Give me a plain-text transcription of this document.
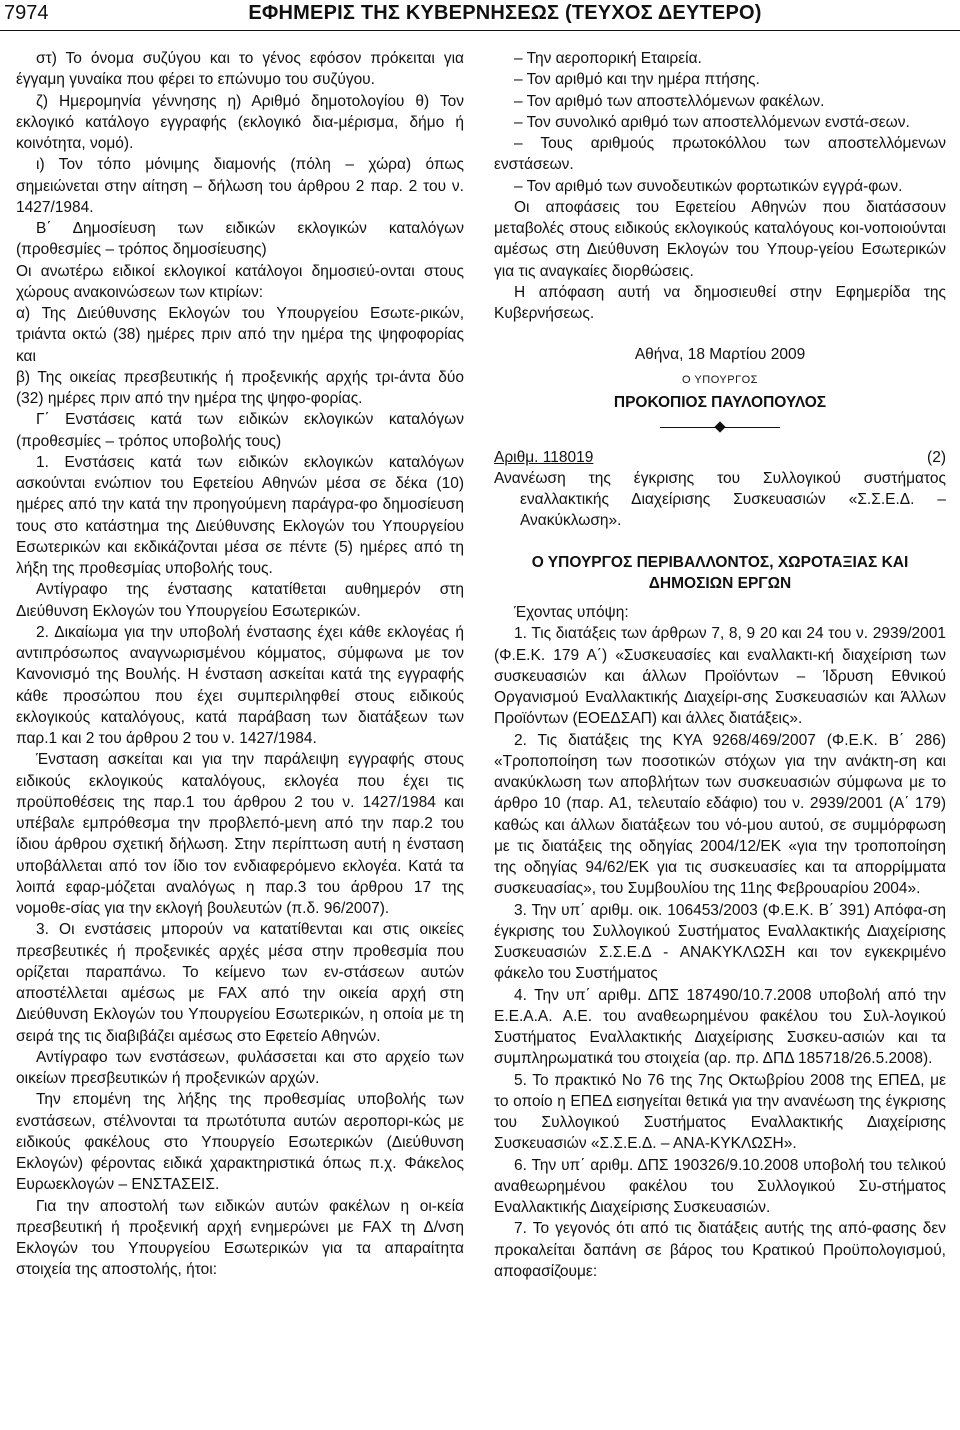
7974	ΕΦΗΜΕΡΙΣ ΤΗΣ ΚΥΒΕΡΝΗΣΕΩΣ (ΤΕΥΧΟΣ ΔΕΥΤΕΡΟ)

στ) Το όνομα συζύγου και το γένος εφόσον πρόκειται για έγγαμη γυναίκα που φέρει το επώνυμο του συζύγου.

ζ) Ημερομηνία γέννησης η) Αριθμό δημοτολογίου θ) Τον εκλογικό κατάλογο εγγραφής (εκλογικό δια-μέρισμα, δήμο ή κοινότητα, νομό).

ι) Τον τόπο μόνιμης διαμονής (πόλη – χώρα) όπως σημειώνεται στην αίτηση – δήλωση του άρθρου 2 παρ. 2 του ν. 1427/1984.

Β΄ Δημοσίευση των ειδικών εκλογικών καταλόγων (προθεσμίες – τρόπος δημοσίευσης)

Οι ανωτέρω ειδικοί εκλογικοί κατάλογοι δημοσιεύ-ονται στους χώρους ανακοινώσεων των κτιρίων:

α) Της Διεύθυνσης Εκλογών του Υπουργείου Εσωτε-ρικών, τριάντα οκτώ (38) ημέρες πριν από την ημέρα της ψηφοφορίας και

β) Της οικείας πρεσβευτικής ή προξενικής αρχής τρι-άντα δύο (32) ημέρες πριν από την ημέρα της ψηφο-φορίας.

Γ΄ Ενστάσεις κατά των ειδικών εκλογικών καταλόγων (προθεσμίες – τρόπος υποβολής τους)

1. Ενστάσεις κατά των ειδικών εκλογικών καταλόγων ασκούνται ενώπιον του Εφετείου Αθηνών μέσα σε δέκα (10) ημέρες από την κατά την προηγούμενη παράγρα-φο δημοσίευση τους στο κατάστημα της Διεύθυνσης Εκλογών του Υπουργείου Εσωτερικών και εκδικάζονται μέσα σε πέντε (5) ημέρες από τη λήξη της προθεσμίας υποβολής τους.

Αντίγραφο της ένστασης κατατίθεται αυθημερόν στη Διεύθυνση Εκλογών του Υπουργείου Εσωτερικών.

2. Δικαίωμα για την υποβολή ένστασης έχει κάθε εκλογέας ή αντιπρόσωπος αναγνωρισμένου κόμματος, σύμφωνα με τον Κανονισμό της Βουλής. Η ένσταση ασκείται κατά της εγγραφής κάθε προσώπου που έχει συμπεριληφθεί στους ειδικούς εκλογικούς καταλόγους, κατά παράβαση των διατάξεων των παρ.1 και 2 του άρθρου 2 του ν. 1427/1984.

Ένσταση ασκείται και για την παράλειψη εγγραφής στους ειδικούς εκλογικούς καταλόγους, εκλογέα που έχει τις προϋποθέσεις της παρ.1 του άρθρου 2 του ν. 1427/1984 και υπέβαλε εμπρόθεσμα την προβλεπό-μενη από την παρ.2 του ίδιου άρθρου σχετική δήλωση. Στην περίπτωση αυτή η ένσταση υποβάλλεται από τον ίδιο τον ενδιαφερόμενο εκλογέα. Κατά τα λοιπά εφαρ-μόζεται αναλόγως η παρ.3 του άρθρου 17 της νομοθε-σίας για την εκλογή βουλευτών (π.δ. 96/2007).

3. Οι ενστάσεις μπορούν να κατατίθενται και στις οικείες πρεσβευτικές ή προξενικές αρχές μέσα στην προθεσμία που ορίζεται παραπάνω. Το κείμενο των εν-στάσεων αυτών αποστέλλεται αμέσως με FAX από την οικεία αρχή στη Διεύθυνση Εκλογών του Υπουργείου Εσωτερικών, η οποία με τη σειρά της τις διαβιβάζει αμέσως στο Εφετείο Αθηνών.

Αντίγραφο των ενστάσεων, φυλάσσεται και στο αρχείο των οικείων πρεσβευτικών ή προξενικών αρχών.

Την επομένη της λήξης της προθεσμίας υποβολής των ενστάσεων, στέλνονται τα πρωτότυπα αυτών αεροπορι-κώς με ειδικούς φακέλους στο Υπουργείο Εσωτερικών (Διεύθυνση Εκλογών) φέροντας ειδικά χαρακτηριστικά όπως π.χ. Φάκελος Ευρωεκλογών – ΕΝΣΤΑΣΕΙΣ.

Για την αποστολή των ειδικών αυτών φακέλων η οι-κεία πρεσβευτική ή προξενική αρχή ενημερώνει με FAX τη Δ/νση Εκλογών του Υπουργείου Εσωτερικών για τα απαραίτητα στοιχεία της αποστολής, ήτοι:

– Την αεροπορική Εταιρεία.

– Τον αριθμό και την ημέρα πτήσης.

– Τον αριθμό των αποστελλόμενων φακέλων.

– Τον συνολικό αριθμό των αποστελλόμενων ενστά-σεων.

– Τους αριθμούς πρωτοκόλλου των αποστελλόμενων ενστάσεων.

– Τον αριθμό των συνοδευτικών φορτωτικών εγγρά-φων.

Οι αποφάσεις του Εφετείου Αθηνών που διατάσσουν μεταβολές στους ειδικούς εκλογικούς καταλόγους κοι-νοποιούνται αμέσως στη Διεύθυνση Εκλογών του Υπουρ-γείου Εσωτερικών για τις αναγκαίες διορθώσεις.

Η απόφαση αυτή να δημοσιευθεί στην Εφημερίδα της Κυβερνήσεως.

Αθήνα, 18 Μαρτίου 2009
Ο ΥΠΟΥΡΓΟΣ
ΠΡΟΚΟΠΙΟΣ ΠΑΥΛΟΠΟΥΛΟΣ
Αριθμ. 118019	(2)

Ανανέωση της έγκρισης του Συλλογικού συστήματος εναλλακτικής Διαχείρισης Συσκευασιών «Σ.Σ.Ε.Δ. – Ανακύκλωση».

Ο ΥΠΟΥΡΓΟΣ ΠΕΡΙΒΑΛΛΟΝΤΟΣ, ΧΩΡΟΤΑΞΙΑΣ ΚΑΙ ΔΗΜΟΣΙΩΝ ΕΡΓΩΝ

Έχοντας υπόψη:

1. Τις διατάξεις των άρθρων 7, 8, 9 20 και 24 του ν. 2939/2001 (Φ.Ε.Κ. 179 Α΄) «Συσκευασίες και εναλλακτι-κή διαχείριση των συσκευασιών και άλλων Προϊόντων – Ίδρυση Εθνικού Οργανισμού Εναλλακτικής Διαχείρι-σης Συσκευασιών και Άλλων Προϊόντων (ΕΟΕΔΣΑΠ) και άλλες διατάξεις».

2. Τις διατάξεις της ΚΥΑ 9268/469/2007 (Φ.Ε.Κ. Β΄ 286) «Τροποποίηση των ποσοτικών στόχων για την ανάκτη-ση και ανακύκλωση των αποβλήτων των συσκευασιών σύμφωνα με το άρθρο 10 (παρ. Α1, τελευταίο εδάφιο) του ν. 2939/2001 (Α΄ 179) καθώς και άλλων διατάξεων του νό-μου αυτού, σε συμμόρφωση με τις διατάξεις της οδηγίας 2004/12/ΕΚ «για την τροποποίηση της οδηγίας 94/62/ΕΚ για τις συσκευασίες και τα απορρίμματα συσκευασίας», του Συμβουλίου της 11ης Φεβρουαρίου 2004».

3. Την υπ΄ αριθμ. οικ. 106453/2003 (Φ.Ε.Κ. Β΄ 391) Απόφα-ση έγκρισης του Συλλογικού Συστήματος Εναλλακτικής Διαχείρισης Συσκευασιών Σ.Σ.Ε.Δ - ΑΝΑΚΥΚΛΩΣΗ και τον εγκεκριμένο φάκελο του Συστήματος

4. Την υπ΄ αριθμ. ΔΠΣ 187490/10.7.2008 υποβολή από την Ε.Ε.Α.Α. Α.Ε. του αναθεωρημένου φακέλου του Συλ-λογικού Συστήματος Εναλλακτικής Διαχείρισης Συσκευ-ασιών και τα συμπληρωματικά του στοιχεία (αρ. πρ. ΔΠΔ 185718/26.5.2008).

5. Το πρακτικό Νο 76 της 7ης Οκτωβρίου 2008 της ΕΠΕΔ, με το οποίο η ΕΠΕΔ εισηγείται θετικά για την ανανέωση της έγκρισης του Συλλογικού Συστήματος Εναλλακτικής Διαχείρισης Συσκευασιών «Σ.Σ.Ε.Δ. – ΑΝΑ-ΚΥΚΛΩΣΗ».

6. Την υπ΄ αριθμ. ΔΠΣ 190326/9.10.2008 υποβολή του τελικού αναθεωρημένου φακέλου του Συλλογικού Συ-στήματος Εναλλακτικής Διαχείρισης Συσκευασιών.

7. Το γεγονός ότι από τις διατάξεις αυτής της από-φασης δεν προκαλείται δαπάνη σε βάρος του Κρατικού Προϋπολογισμού, αποφασίζουμε:
